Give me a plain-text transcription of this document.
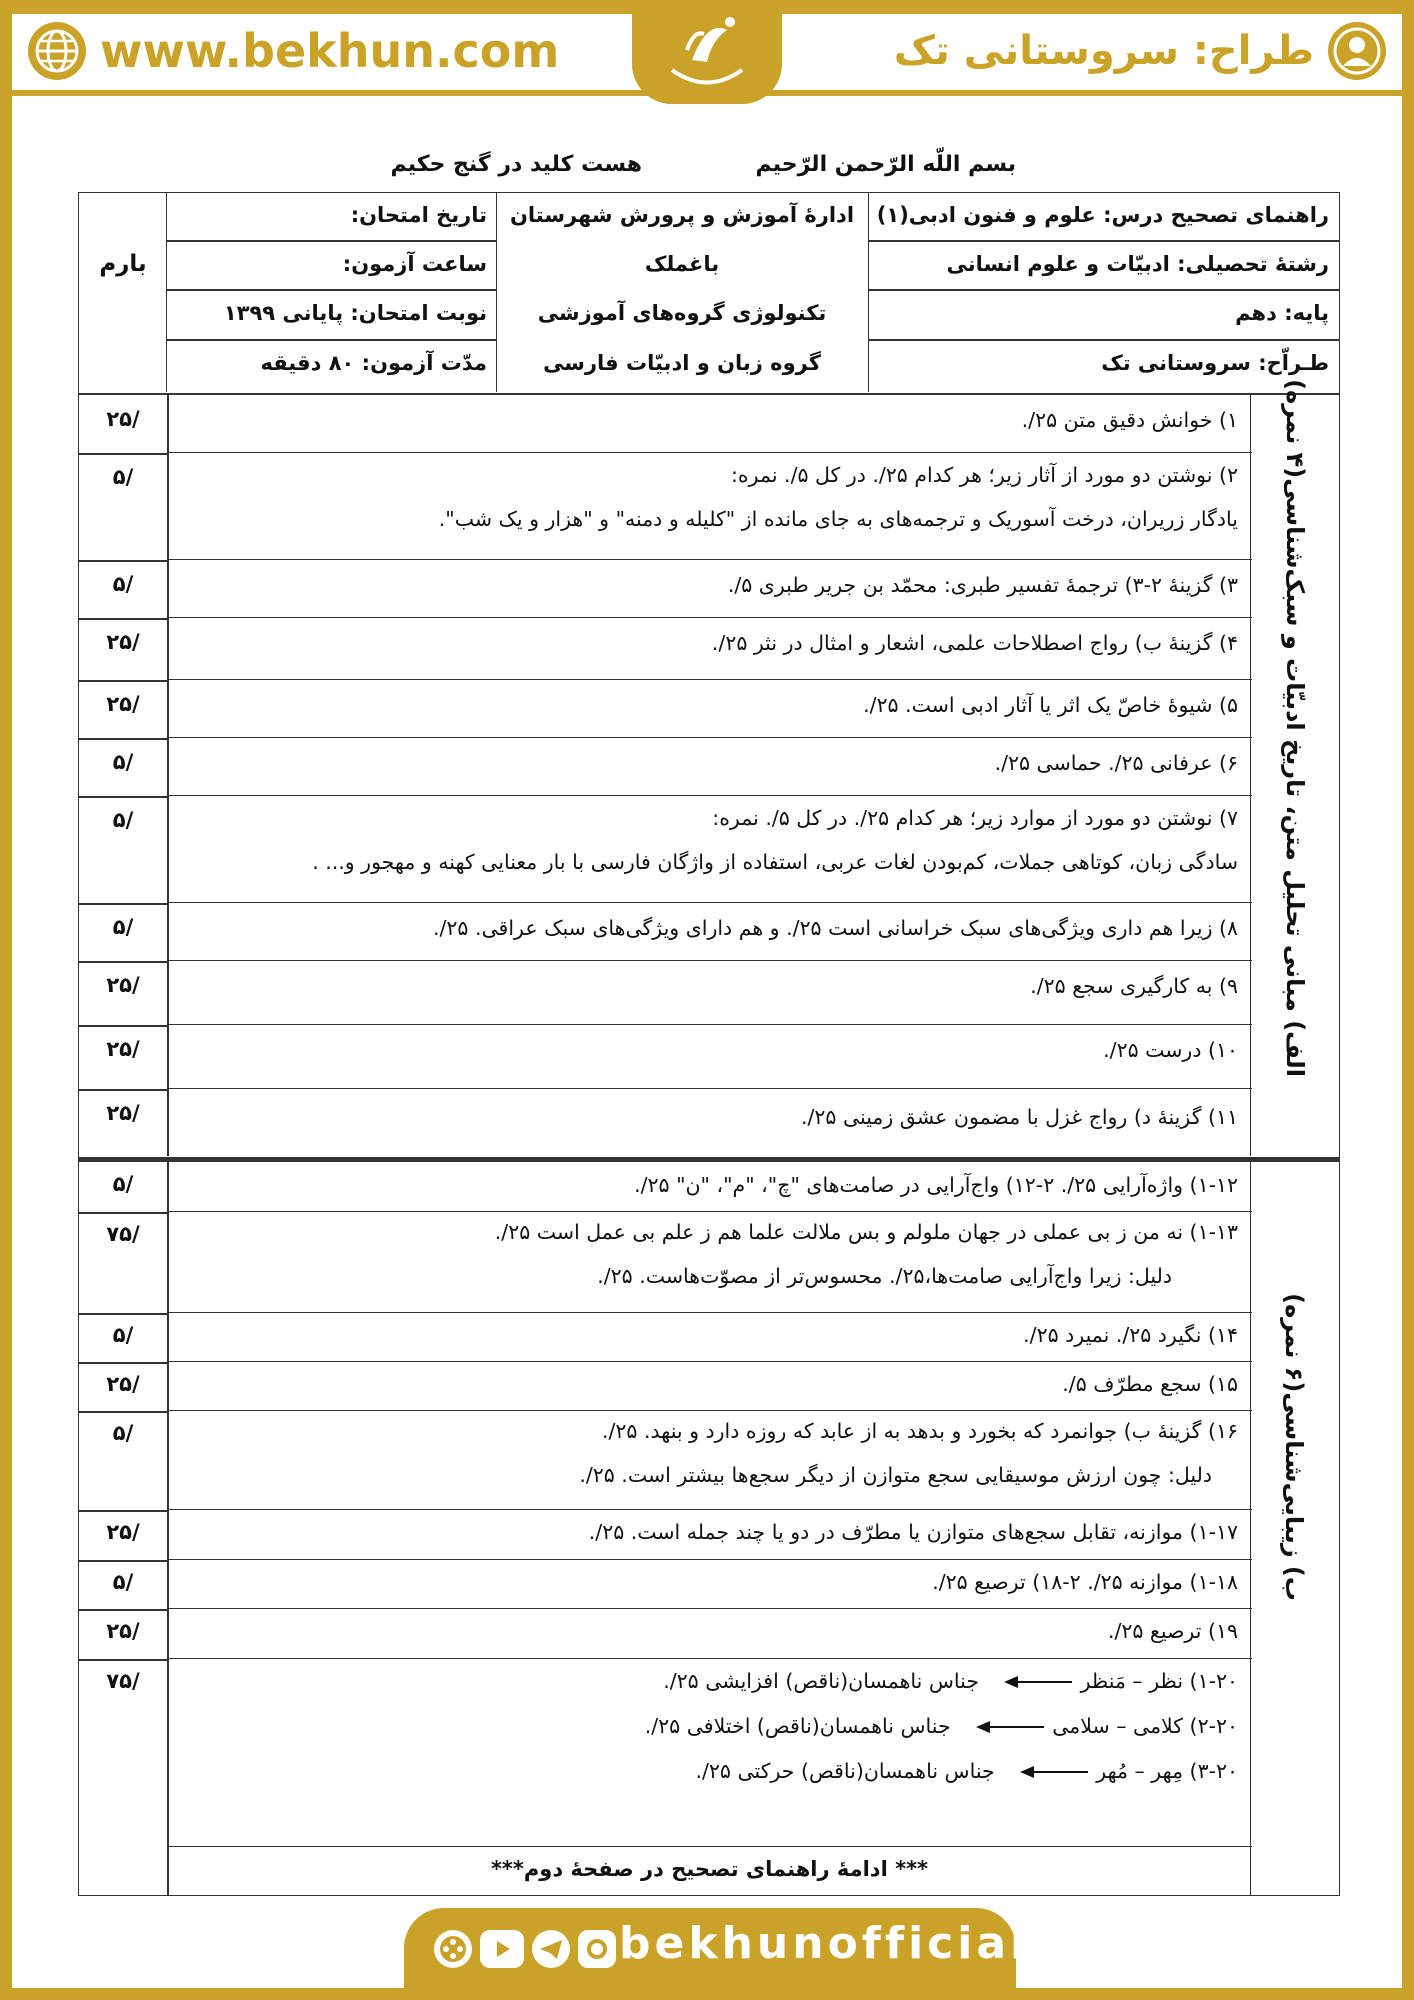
www.bekhun.com	طراح: سروستانی تک
بسم اللّه الرّحمن الرّحیم
هست کلید در گنج حکیم
راهنمای تصحیح درس: علوم و فنون ادبی(۱)
رشتۀ تحصیلی: ادبیّات و علوم انسانی
پایه: دهم
طـراّح: سروستانی تک
ادارۀ آموزش و پرورش شهرستان
باغملک
تکنولوژی گروه‌های آموزشی
گروه زبان و ادبیّات فارسی
تاریخ امتحان:
ساعت آزمون:
نوبت امتحان: پایانی ۱۳۹۹
مدّت آزمون: ۸۰ دقیقه
بارم
الف) مبانی تحلیل متن، تاریخ ادبیّات و سبک‌شناسی(۴ نمره)
۱) خوانش دقیق متن ۲۵/.
۲) نوشتن دو مورد از آثار زیر؛ هر کدام ۲۵/. در کل ۵/. نمره:
یادگار زریران، درخت آسوریک و ترجمه‌های به جای مانده از "کلیله و دمنه" و "هزار و یک شب".
۳) گزینۀ ۲-۳) ترجمۀ تفسیر طبری: محمّد بن جریر طبری ۵/.
۴) گزینۀ ب) رواج اصطلاحات علمی، اشعار و امثال در نثر ۲۵/.
۵) شیوۀ خاصّ یک اثر یا آثار ادبی است. ۲۵/.
۶) عرفانی ۲۵/. حماسی ۲۵/.
۷) نوشتن دو مورد از موارد زیر؛ هر کدام ۲۵/. در کل ۵/. نمره:
سادگی زبان، کوتاهی جملات، کم‌بودن لغات عربی، استفاده از واژگان فارسی با بار معنایی کهنه و مهجور و... .
۸) زیرا هم داری ویژگی‌های سبک خراسانی است ۲۵/. و هم دارای ویژگی‌های سبک عراقی. ۲۵/.
۹) به کارگیری سجع ۲۵/.
۱۰) درست ۲۵/.
۱۱) گزینۀ د) رواج غزل با مضمون عشق زمینی ۲۵/.
/۲۵
/۵
/۵
/۲۵
/۲۵
/۵
/۵
/۵
/۲۵
/۲۵
/۲۵
ب) زیبایی‌شناسی(۶ نمره)
۱-۱۲) واژه‌آرایی ۲۵/. ۲-۱۲) واج‌آرایی در صامت‌های "چ"، "م"، "ن" ۲۵/.
۱-۱۳) نه من ز بی عملی در جهان ملولم و بس ملالت علما هم ز علم بی عمل است ۲۵/.
دلیل: زیرا واج‌آرایی صامت‌ها،۲۵/. محسوس‌تر از مصوّت‌هاست. ۲۵/.
۱۴) نگیرد ۲۵/. نمیرد ۲۵/.
۱۵) سجع مطرّف ۵/.
۱۶) گزینۀ ب) جوانمرد که بخورد و بدهد به از عابد که روزه دارد و بنهد. ۲۵/.
دلیل: چون ارزش موسیقایی سجع متوازن از دیگر سجع‌ها بیشتر است. ۲۵/.
۱-۱۷) موازنه، تقابل سجع‌های متوازن یا مطرّف در دو یا چند جمله است. ۲۵/.
۱-۱۸) موازنه ۲۵/. ۲-۱۸) ترصیع ۲۵/.
۱۹) ترصیع ۲۵/.
۱-۲۰) نظر – مَنظر   جناس ناهمسان(ناقص) افزایشی ۲۵/.
۲-۲۰) کلامی – سلامی   جناس ناهمسان(ناقص) اختلافی ۲۵/.
۳-۲۰) مِهر – مُهر   جناس ناهمسان(ناقص) حرکتی ۲۵/.
*** ادامۀ راهنمای تصحیح در صفحۀ دوم***
/۵
/۷۵
/۵
/۲۵
/۵
/۲۵
/۵
/۲۵
/۷۵
bekhunofficial
